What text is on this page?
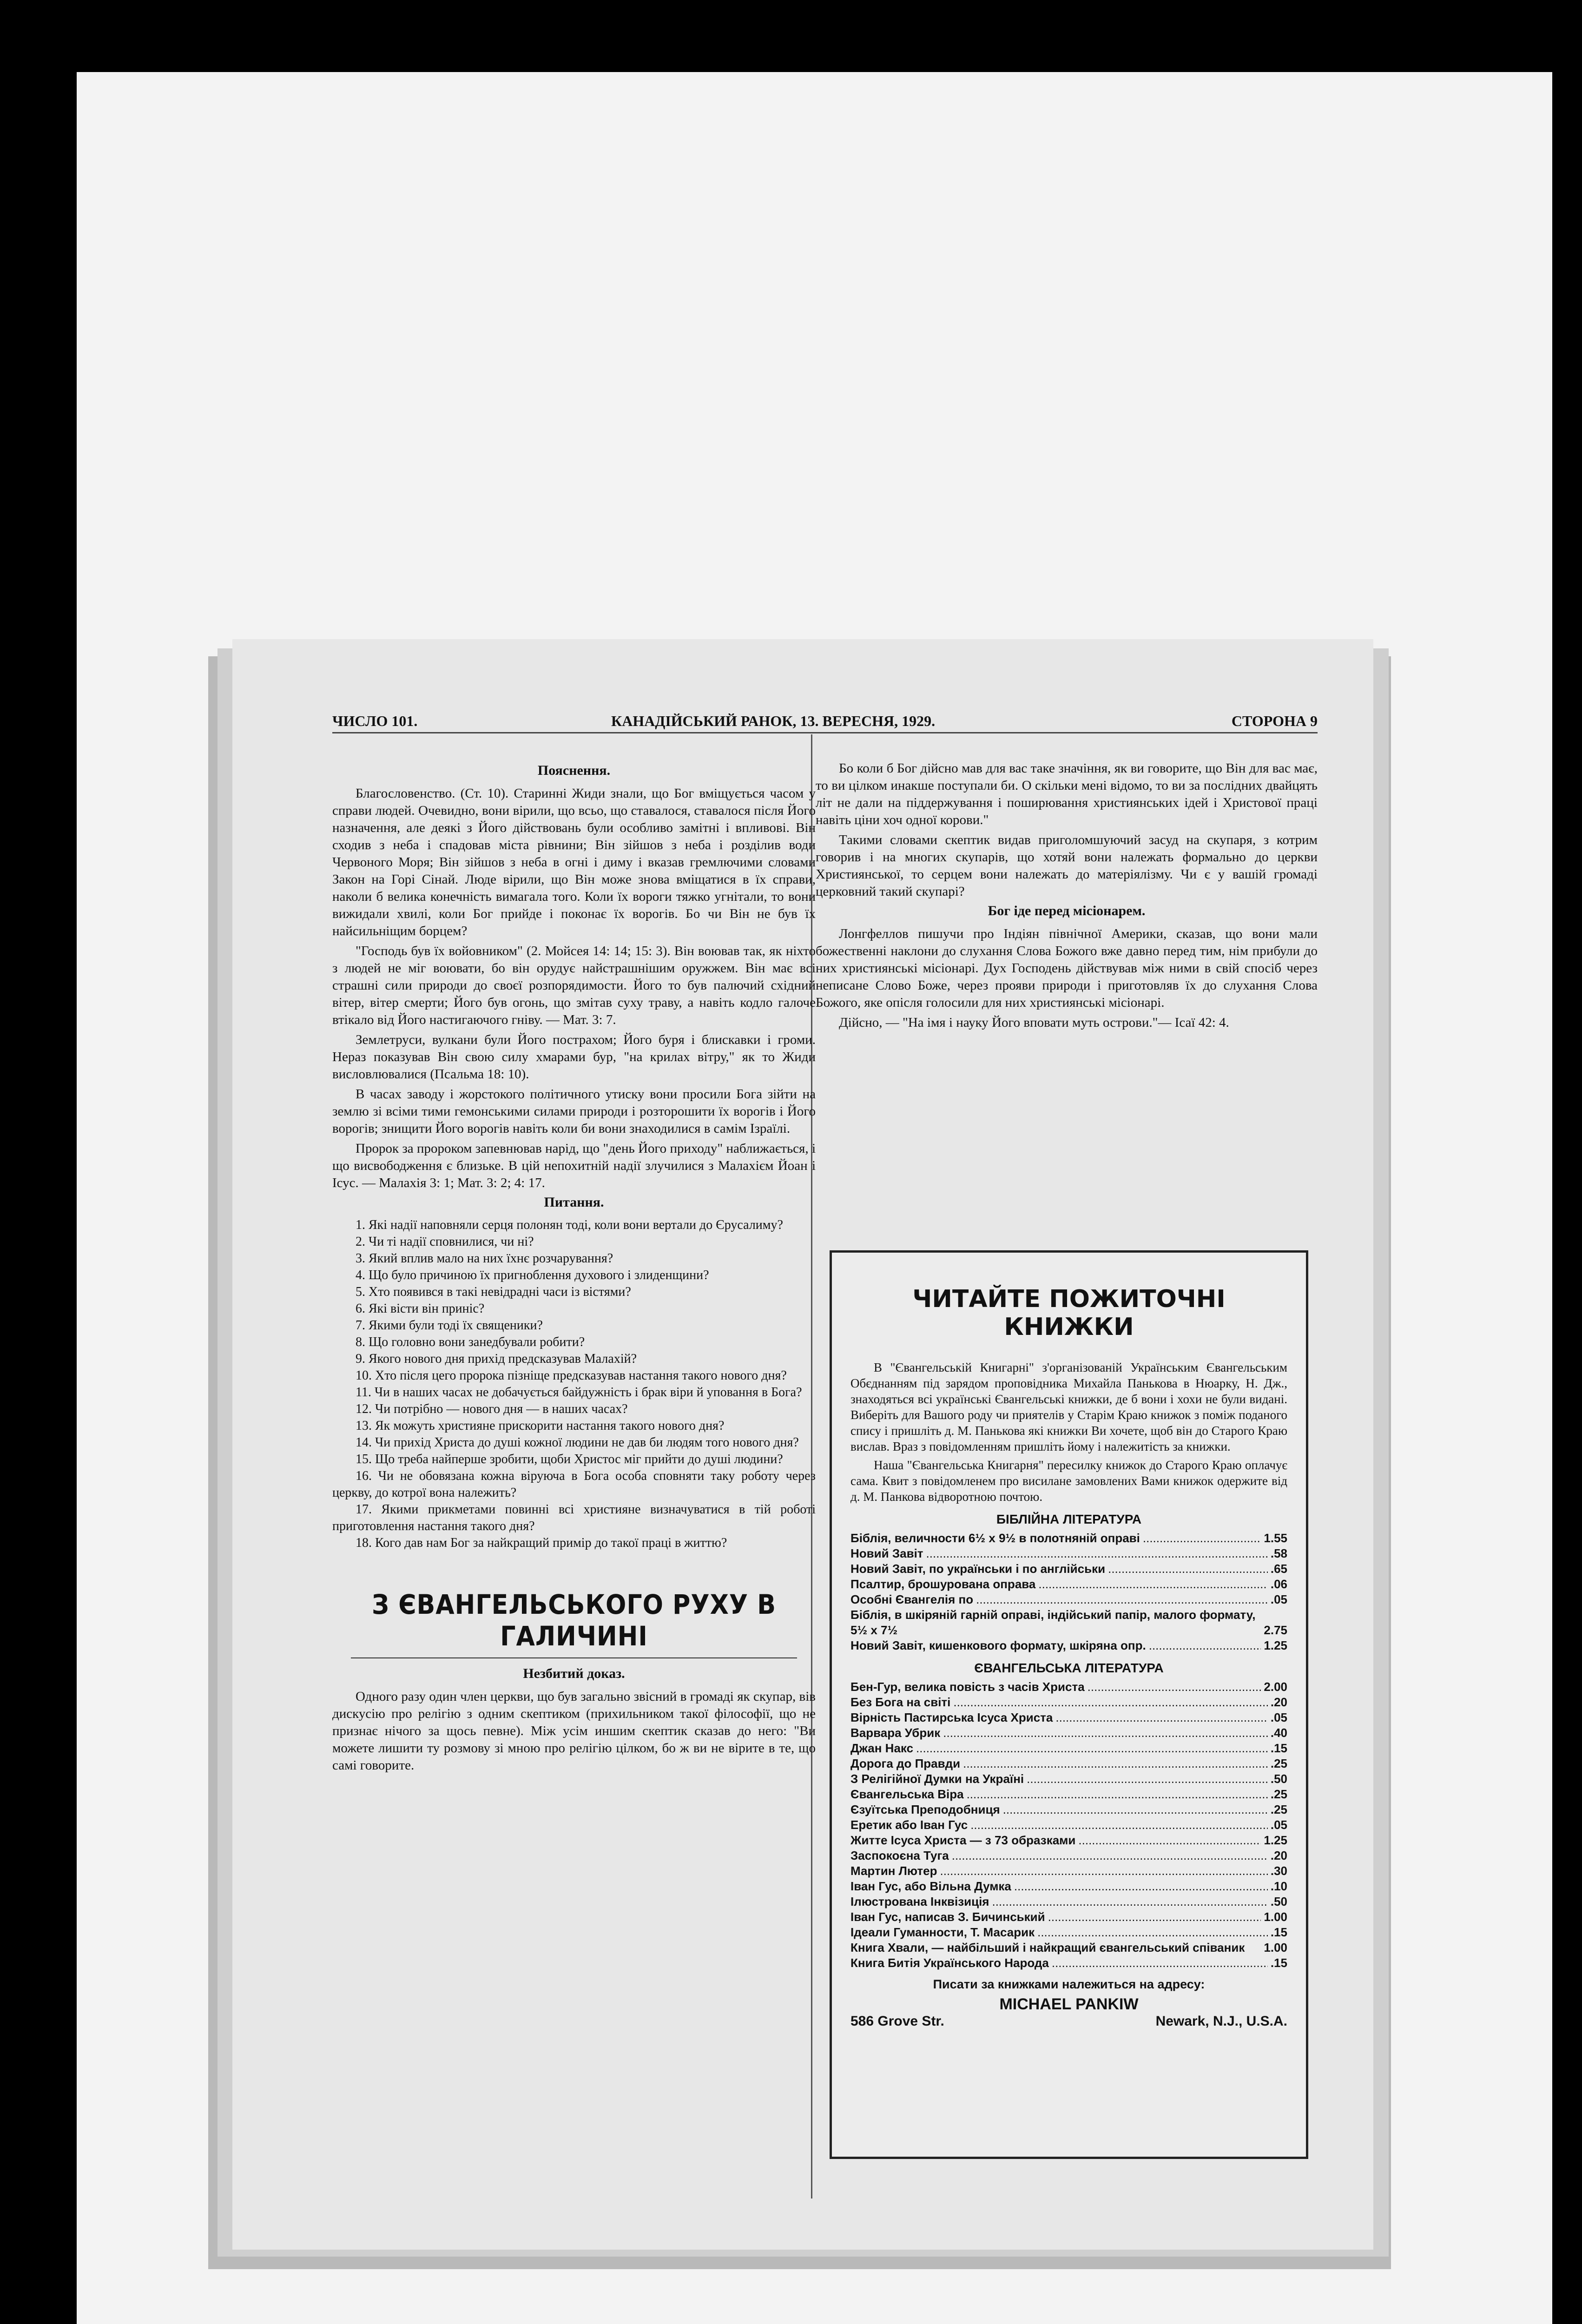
ЧИСЛО 101.	КАНАДІЙСЬКИЙ РАНОК, 13. ВЕРЕСНЯ, 1929.	СТОРОНА 9
Пояснення.

Благословенство. (Ст. 10). Старинні Жиди знали, що Бог вміщується часом у справи людей. Очевидно, вони вірили, що всьо, що ставалося, ставалося після Його назначення, але деякі з Його дійствовань були особливо замітні і впливові. Він сходив з неба і спадовав міста рівнини; Він зійшов з неба і розділив води Червоного Моря; Він зійшов з неба в огні і диму і вказав гремлючими словами Закон на Горі Сінай. Люде вірили, що Він може знова вміщатися в їх справи, наколи б велика конечність вимагала того. Коли їх вороги тяжко угнітали, то вони вижидали хвилі, коли Бог прийде і поконає їх ворогів. Бо чи Він не був їх найсильніщим борцем?

"Господь був їх войовником" (2. Мойсея 14: 14; 15: 3). Він воював так, як ніхто з людей не міг воювати, бо він орудує найстрашнішим оружжем. Він має всі страшні сили природи до своєї розпорядимости. Його то був палючий східний вітер, вітер смерти; Його був огонь, що змітав суху траву, а навіть кодло галоче втікало від Його настигаючого гніву. — Мат. 3: 7.

Землетруси, вулкани були Його пострахом; Його буря і блискавки і громи. Нераз показував Він свою силу хмарами бур, "на крилах вітру," як то Жиди висловлювалися (Псальма 18: 10).

В часах заводу і жорстокого політичного утиску вони просили Бога зійти на землю зі всіми тими гемонськими силами природи і розторошити їх ворогів і Його ворогів; знищити Його ворогів навіть коли би вони знаходилися в самім Ізраїлі.

Пророк за пророком запевнював нарід, що "день Його приходу" наближається, і що висвободження є близьке. В цій непохитній надії злучилися з Малахієм Йоан і Ісус. — Малахія 3: 1; Мат. 3: 2; 4: 17.

Питання.
1. Які надії наповняли серця полонян тоді, коли вони вертали до Єрусалиму?
2. Чи ті надії сповнилися, чи ні?
3. Який вплив мало на них їхнє розчарування?
4. Що було причиною їх пригноблення духового і злиденщини?
5. Хто появився в такі невідрадні часи із вістями?
6. Які вісти він приніс?
7. Якими були тоді їх священики?
8. Що головно вони занедбували робити?
9. Якого нового дня прихід предсказував Малахій?
10. Хто після цего пророка пізніще предсказував настання такого нового дня?
11. Чи в наших часах не добачується байдужність і брак віри й уповання в Бога?
12. Чи потрібно — нового дня — в наших часах?
13. Як можуть християне прискорити настання такого нового дня?
14. Чи прихід Христа до душі кожної людини не дав би людям того нового дня?
15. Що треба найперше зробити, щоби Христос міг прийти до душі людини?
16. Чи не обовязана кожна віруюча в Бога особа сповняти таку роботу через церкву, до котрої вона належить?
17. Якими прикметами повинні всі християне визначуватися в тій роботі приготовлення настання такого дня?
18. Кого дав нам Бог за найкращий примір до такої праці в життю?
З ЄВАНГЕЛЬСЬКОГО РУХУ В ГАЛИЧИНІ
Незбитий доказ.

Одного разу один член церкви, що був загально звісний в громаді як скупар, вів дискусію про релігію з одним скептиком (прихильником такої філософії, що не признає нічого за щось певне). Між усім иншим скептик сказав до него: "Ви можете лишити ту розмову зі мною про релігію цілком, бо ж ви не вірите в те, що самі говорите.

Бо коли б Бог дійсно мав для вас таке значіння, як ви говорите, що Він для вас має, то ви цілком инакше поступали би. О скільки мені відомо, то ви за послідних двайцять літ не дали на піддержування і поширювання християнських ідей і Христової праці навіть ціни хоч одної корови."

Такими словами скептик видав приголомшуючий засуд на скупаря, з котрим говорив і на многих скупарів, що хотяй вони належать формально до церкви Християнської, то серцем вони належать до матеріялізму. Чи є у вашій громаді церковний такий скупарі?

Бог іде перед місіонарем.

Лонгфеллов пишучи про Індіян північної Америки, сказав, що вони мали божественні наклони до слухання Слова Божого вже давно перед тим, нім прибули до них християнські місіонарі. Дух Господень дійствував між ними в свій спосіб через неписане Слово Боже, через прояви природи і приготовляв їх до слухання Слова Божого, яке опісля голосили для них християнські місіонарі.

Дійсно, — "На імя і науку Його вповати муть острови."— Ісаї 42: 4.

ЧИТАЙТЕ ПОЖИТОЧНІ КНИЖКИ

В "Євангельській Книгарні" з'організованій Українським Євангельським Обєднанням під зарядом проповідника Михайла Панькова в Нюарку, Н. Дж., знаходяться всі українські Євангельські книжки, де б вони і хохи не були видані. Виберіть для Вашого роду чи приятелів у Старім Краю книжок з поміж поданого спису і пришліть д. М. Панькова які книжки Ви хочете, щоб він до Старого Краю вислав. Враз з повідомленням пришліть йому і належитість за книжки.

Наша "Євангельська Книгарня" пересилку книжок до Старого Краю оплачує сама. Квит з повідомленем про висилане замовлених Вами книжок одержите від д. М. Панкова відворотною почтою.

БІБЛІЙНА ЛІТЕРАТУРА
Біблія, величности 6½ х 9½ в полотняній оправі .....	1.55
Новий Завіт .....	.58
Новий Завіт, по українськи і по англійськи .....	.65
Псалтир, брошурована оправа .....	.06
Особні Євангелія по .....	.05
Біблія, в шкіряній гарній оправі, індійський папір, малого формату, 5½ х 7½	2.75
Новий Завіт, кишенкового формату, шкіряна опр. .....	1.25
ЄВАНГЕЛЬСЬКА ЛІТЕРАТУРА
Бен-Гур, велика повість з часів Христа .....	2.00
Без Бога на світі .....	.20
Вірність Пастирська Ісуса Христа .....	.05
Варвара Убрик .....	.40
Джан Накс .....	.15
Дорога до Правди .....	.25
З Релігійної Думки на Україні .....	.50
Євангельська Віра .....	.25
Єзуїтська Преподобниця .....	.25
Еретик або Іван Гус .....	.05
Житте Ісуса Христа — з 73 образками .....	1.25
Заспокоєна Туга .....	.20
Мартин Лютер .....	.30
Іван Гус, або Вільна Думка .....	.10
Ілюстрована Інквізиція .....	.50
Іван Гус, написав З. Бичинський .....	1.00
Ідеали Гуманности, Т. Масарик .....	.15
Книга Хвали, — найбільший і найкращий євангельський співаник	1.00
Книга Битія Українського Народа .....	.15
Писати за книжками належиться на адресу:
MICHAEL PANKIW
586 Grove Str.	Newark, N.J., U.S.A.
